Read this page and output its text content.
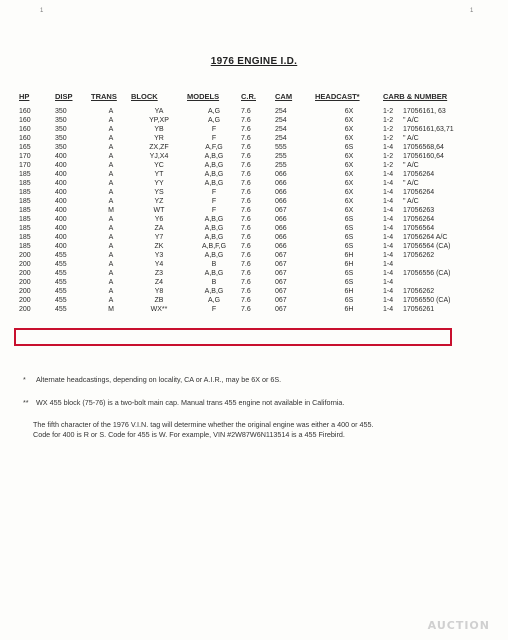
1	1
1976 ENGINE I.D.
HP	DISP	TRANS	BLOCK	MODELS	C.R.	CAM	HEADCAST*	CARB & NUMBER	
160	350	A	YA	A,G	7.6	254	6X	1-2	17056161, 63
160	350	A	YP,XP	A,G	7.6	254	6X	1-2	" A/C
160	350	A	YB	F	7.6	254	6X	1-2	17056161,63,71
160	350	A	YR	F	7.6	254	6X	1-2	" A/C
165	350	A	ZX,ZF	A,F,G	7.6	555	6S	1-4	17056568,64
170	400	A	YJ,X4	A,B,G	7.6	255	6X	1-2	17056160,64
170	400	A	YC	A,B,G	7.6	255	6X	1-2	" A/C
185	400	A	YT	A,B,G	7.6	066	6X	1-4	17056264
185	400	A	YY	A,B,G	7.6	066	6X	1-4	" A/C
185	400	A	YS	F	7.6	066	6X	1-4	17056264
185	400	A	YZ	F	7.6	066	6X	1-4	" A/C
185	400	M	WT	F	7.6	067	6X	1-4	17056263
185	400	A	Y6	A,B,G	7.6	066	6S	1-4	17056264
185	400	A	ZA	A,B,G	7.6	066	6S	1-4	17056564
185	400	A	Y7	A,B,G	7.6	066	6S	1-4	17056264 A/C
185	400	A	ZK	A,B,F,G	7.6	066	6S	1-4	17056564 (CA)
200	455	A	Y3	A,B,G	7.6	067	6H	1-4	17056262
200	455	A	Y4	B	7.6	067	6H	1-4	
200	455	A	Z3	A,B,G	7.6	067	6S	1-4	17056556 (CA)
200	455	A	Z4	B	7.6	067	6S	1-4	
200	455	A	Y8	A,B,G	7.6	067	6H	1-4	17056262
200	455	A	ZB	A,G	7.6	067	6S	1-4	17056550 (CA)
200	455	M	WX**	F	7.6	067	6H	1-4	17056261
* Alternate headcastings, depending on locality, CA or A.I.R., may be 6X or 6S.
** WX 455 block (75-76) is a two-bolt main cap. Manual trans 455 engine not available in California.
The fifth character of the 1976 V.I.N. tag will determine whether the original engine was either a 400 or 455.
Code for 400 is R or S. Code for 455 is W. For example, VIN #2W87W6N113514 is a 455 Firebird.
AUCTION
